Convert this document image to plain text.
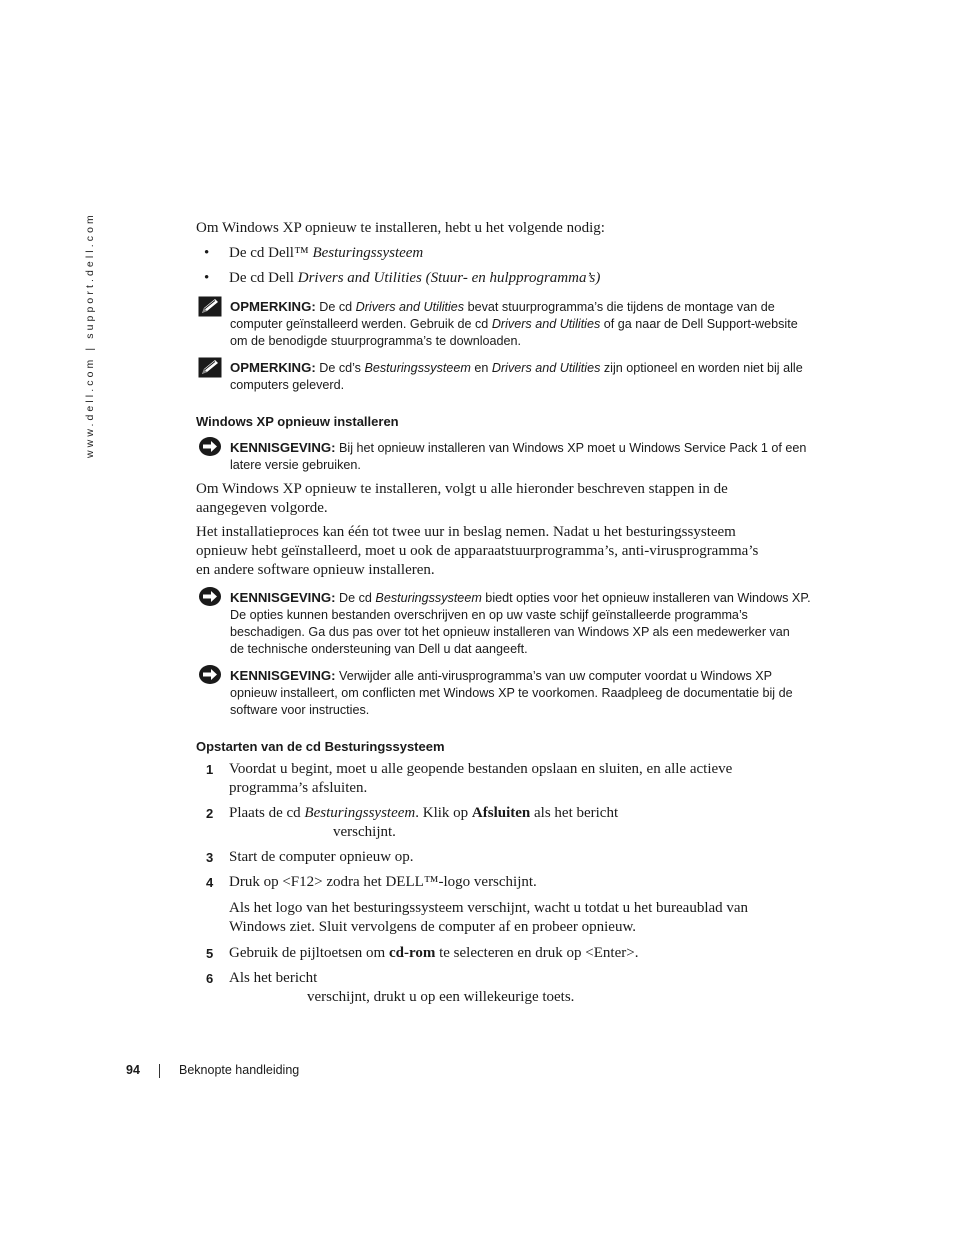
www.dell.com | support.dell.com	Om Windows XP opnieuw te installeren, hebt u het volgende nodig:
• De cd Dell™ Besturingssysteem
• De cd Dell Drivers and Utilities (Stuur- en hulpprogramma’s)
OPMERKING: De cd Drivers and Utilities bevat stuurprogramma’s die tijdens de montage van de
computer geïnstalleerd werden. Gebruik de cd Drivers and Utilities of ga naar de Dell Support-website
om de benodigde stuurprogramma’s te downloaden.
OPMERKING: De cd’s Besturingssysteem en Drivers and Utilities zijn optioneel en worden niet bij alle
computers geleverd.
Windows XP opnieuw installeren
KENNISGEVING: Bij het opnieuw installeren van Windows XP moet u Windows Service Pack 1 of een
latere versie gebruiken.
Om Windows XP opnieuw te installeren, volgt u alle hieronder beschreven stappen in de
aangegeven volgorde.
Het installatieproces kan één tot twee uur in beslag nemen. Nadat u het besturingssysteem
opnieuw hebt geïnstalleerd, moet u ook de apparaatstuurprogramma’s, anti-virusprogramma’s
en andere software opnieuw installeren.
KENNISGEVING: De cd Besturingssysteem biedt opties voor het opnieuw installeren van Windows XP.
De opties kunnen bestanden overschrijven en op uw vaste schijf geïnstalleerde programma’s
beschadigen. Ga dus pas over tot het opnieuw installeren van Windows XP als een medewerker van
de technische ondersteuning van Dell u dat aangeeft.
KENNISGEVING: Verwijder alle anti-virusprogramma’s van uw computer voordat u Windows XP
opnieuw installeert, om conflicten met Windows XP te voorkomen. Raadpleeg de documentatie bij de
software voor instructies.
Opstarten van de cd Besturingssysteem
1 Voordat u begint, moet u alle geopende bestanden opslaan en sluiten, en alle actieve
programma’s afsluiten.
2 Plaats de cd Besturingssysteem. Klik op Afsluiten als het bericht
verschijnt.
3 Start de computer opnieuw op.
4 Druk op <F12> zodra het DELL™-logo verschijnt.
Als het logo van het besturingssysteem verschijnt, wacht u totdat u het bureaublad van
Windows ziet. Sluit vervolgens de computer af en probeer opnieuw.
5 Gebruik de pijltoetsen om cd-rom te selecteren en druk op <Enter>.
6 Als het bericht
verschijnt, drukt u op een willekeurige toets.
94	Beknopte handleiding
